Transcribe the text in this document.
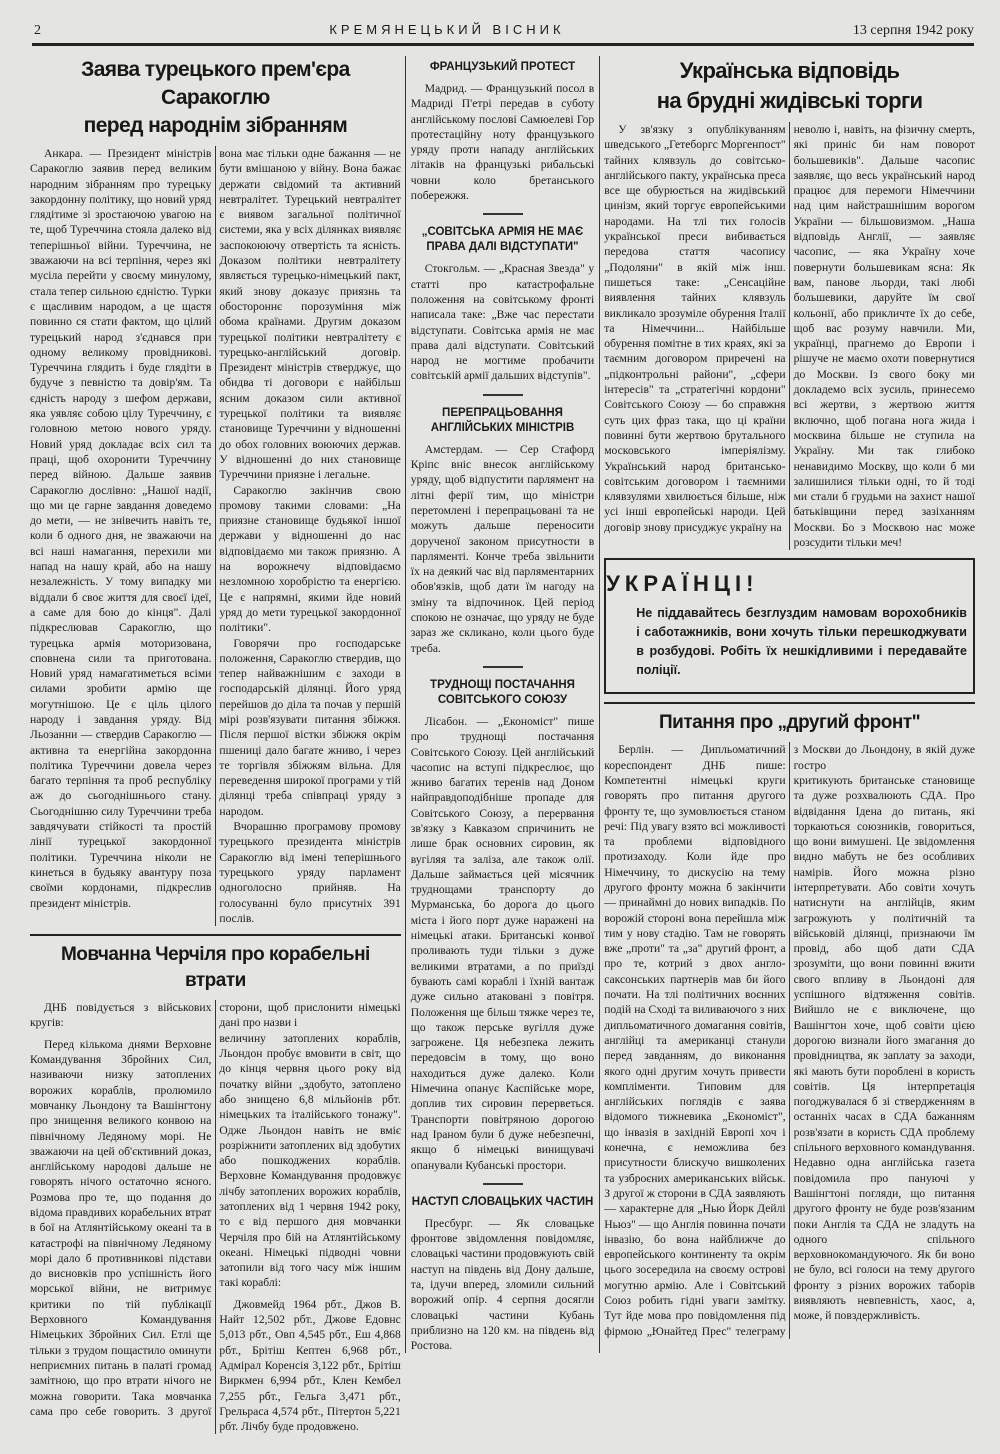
2	КРЕМЯНЕЦЬКИЙ ВІСНИК	13 серпня 1942 року
Заява турецького прем'єра Саракоглю
перед народнім зібранням

Анкара. — Президент міністрів Саракоглю заявив перед великим народним зібранням про турецьку закордонну політику, що новий уряд глядітиме зі зростаючою увагою на те, щоб Туреччина стояла далеко від теперішньої війни. Туреччина, не зважаючи на всі терпіння, через які мусіла перейти у своєму минулому, стала тепер сильною єдністю. Турки є щасливим народом, а це щастя повинно ся стати фактом, що цілий турецький народ з'єднався при одному великому провідникові. Туреччина глядить і буде глядіти в будуче з певністю та довір'ям. Та єдність народу з шефом держави, яка уявляє собою цілу Туреччину, є головною метою нового уряду. Новий уряд докладає всіх сил та праці, щоб охоронити Туреччину перед війною. Дальше заявив Саракоглю дослівно: „Нашої надії, що ми це гарне завдання доведемо до мети, — не знівечить навіть те, коли б одного дня, не зважаючи на всі наші намагання, перехили ми напад на нашу край, або на нашу незалежність. У тому випадку ми віддали б своє життя для своєї ідеї, а саме для бою до кінця". Далі підкреслював Саракоглю, що турецька армія моторизована, сповнена сили та приготована. Новий уряд намагатиметься всіми силами зробити армію ще могутнішою. Це є ціль цілого народу і завдання уряду. Від Льозанни — ствердив Саракоглю — активна та енергійна закордонна політика Туреччини довела через багато терпіння та проб республіку аж до сьогоднішнього стану. Сьогоднішню силу Туреччини треба завдячувати стійкості та простій лінії турецької закордонної політики. Туреччина ніколи не кинеться в будьяку авантуру поза своїми кордонами, підкреслив президент міністрів.

вона має тільки одне бажання — не бути вмішаною у війну. Вона бажає держати свідомий та активний невтралітет. Турецький невтралітет є виявом загальної політичної системи, яка у всіх ділянках виявляє заспокоюючу отвертість та ясність. Доказом політики невтралітету являється турецько-німецький пакт, який знову доказує приязнь та обостороннє порозуміння між обома країнами. Другим доказом турецької політики невтралітету є турецько-англійський договір. Президент міністрів стверджує, що обидва ті договори є найбільш ясним доказом сили активної турецької політики та виявляє становище Туреччини у відношенні до обох головних воюючих держав. У відношенні до них становище Туреччини приязне і легальне.

Саракоглю закінчив свою промову такими словами: „На приязне становище будьякої іншої держави у відношенні до нас відповідаємо ми також приязню. А на ворожнечу відповідаємо незломною хоробрістю та енергією. Це є напрямні, якими йде новий уряд до мети турецької закордонної політики".

Говорячи про господарське положення, Саракоглю ствердив, що тепер найважнішим є заходи в господарській ділянці. Його уряд перейшов до діла та почав у першій мірі розв'язувати питання збіжжя. Після першої вістки збіжжя окрім пшениці дало багате жниво, і через те торгівля збіжжям вільна. Для переведення широкої програми у тій ділянці треба співпраці уряду з народом.

Вчорашню програмову промову турецького президента міністрів Саракоглю від імені теперішнього турецького уряду парламент одноголосно прийняв. На голосуванні було присутніх 391 послів.

Мовчанна Черчіля про корабельні втрати

ДНБ повідується з військових кругів:

Перед кількома днями Верховне Командування Збройних Сил, називаючи низку затоплених ворожих кораблів, пролюмило мовчанку Льондону та Вашінгтону про знищення великого конвою на північному Ледяному морі. Не зважаючи на цей об'єктивний доказ, англійському народові дальше не говорять нічого остаточно ясного. Розмова про те, що подання до відома правдивих корабельних втрат в бої на Атлянтійському океані та в катастрофі на північному Ледяному морі дало б противникові підстави до висновків про успішність його морської війни, не витримує критики по тій публікації Верховного Командування Німецьких Збройних Сил. Етлі ще тільки з трудом пощастило оминути неприємних питань в палаті громад замітною, що про втрати нічого не можна говорити. Така мовчанка сама про себе говорить. З другої сторони, щоб прислонити німецькі дані про назви і

величину затоплених кораблів, Льондон пробує вмовити в світ, що до кінця червня цього року від початку війни „здобуто, затоплено або знищено 6,8 мільйонів рбт. німецьких та італійського тонажу". Одже Льондон навіть не вміє розріжнити затоплених від здобутих або пошкоджених кораблів. Верховне Командування продовжує лічбу затоплених ворожих кораблів, затоплених від 1 червня 1942 року, то є від першого дня мовчанки Черчіля про бій на Атлянтійському океані. Німецькі підводні човни затопили від того часу між іншим такі кораблі:

Джовмейд 1964 рбт., Джов В. Найт 12,502 рбт., Джове Едовнс 5,013 рбт., Овп 4,545 рбт., Еш 4,868 рбт., Брітіш Кептен 6,968 рбт., Адмірал Коренсія 3,122 рбт., Брітіш Виркмен 6,994 рбт., Клен Кембел 7,255 рбт., Гельга 3,471 рбт., Грельраса 4,574 рбт., Пітертон 5,221 рбт. Лічбу буде продовжено.

ФРАНЦУЗЬКИЙ ПРОТЕСТ

Мадрид. — Французький посол в Мадриді П'етрі передав в суботу англійському послові Самюелеві Гор протестаційну ноту французького уряду проти нападу англійських літаків на французькі рибальські човни коло бретанського побережжя.

„СОВІТСЬКА АРМІЯ НЕ МАЄ ПРАВА ДАЛІ ВІДСТУПАТИ"

Стокгольм. — „Красная Звезда" у статті про катастрофальне положення на совітському фронті написала таке: „Вже час перестати відступати. Совітська армія не має права далі відступати. Совітський народ не могтиме пробачити совітській армії дальших відступів".

ПЕРЕПРАЦЬОВАННЯ АНГЛІЙСЬКИХ МІНІСТРІВ

Амстердам. — Сер Стафорд Кріпс вніс внесок англійському уряду, щоб відпустити парлямент на літні ферії тим, що міністри перетомлені і перепрацьовані та не можуть дальше переносити дорученої законом присутности в парляменті. Конче треба звільнити їх на деякий час від парляментарних обов'язків, щоб дати їм нагоду на зміну та відпочинок. Цей період спокою не означає, що уряду не буде зараз же скликано, коли цього буде треба.

ТРУДНОЩІ ПОСТАЧАННЯ СОВІТСЬКОГО СОЮЗУ

Лісабон. — „Економіст" пише про труднощі постачання Совітського Союзу. Цей англійський часопис на вступі підкреслює, що жниво багатих теренів над Доном найправдоподібніше пропаде для Совітського Союзу, а перервання зв'язку з Кавказом спричинить не лише брак основних сировин, як вугіляя та заліза, але також олії. Дальше займається цей місячник труднощами транспорту до Мурманська, бо дорога до цього міста і його порт дуже наражені на німецькі атаки. Британські конвої проливають туди тільки з дуже великими втратами, а по приїзді бувають самі кораблі і їхній вантаж дуже сильно атаковані з повітря. Положення ще більш тяжке через те, що також перське вугілля дуже загрожене. Ця небезпека лежить передовсім в тому, що воно находиться дуже далеко. Коли Німечина опанує Каспійське море, доплив тих сировин перерветься. Транспорти повітряною дорогою над Іраном були б дуже небезпечні, якщо б німецькі винищувачі опанували Кубанські простори.

НАСТУП СЛОВАЦЬКИХ ЧАСТИН

Пресбург. — Як словацьке фронтове звідомлення повідомляє, словацькі частини продовжують свій наступ на південь від Дону дальше, та, ідучи вперед, зломили сильний ворожий опір. 4 серпня досягли словацькі частини Кубань приблизно на 120 км. на південь від Ростова.

Українська відповідь
на брудні жидівські торги

У зв'язку з опублікуванням шведського „Гетеборгс Моргенпост" тайних клявзуль до совітсько-англійського пакту, українська преса все ще обурюється на жидівський цинізм, який торгує европейськими народами. На тлі тих голосів української преси вибивається передова стаття часопису „Подоляни" в якій між інш. пишеться таке: „Сенсаційне виявлення тайних клявзуль викликало зрозуміле обурення Італії та Німеччини... Найбільше обурення помітне в тих краях, які за таємним договором приречені на „підконтрольні райони", „сфери інтересів" та „стратегічні кордони" Совітського Союзу — бо справжня суть цих фраз така, що ці країни повинні бути жертвою брутального московського імперіялізму. Український народ британсько-совітським договором і таємними клявзулями хвилюється більше, ніж усі інші европейські народи. Цей договір знову присуджує україну на

неволю і, навіть, на фізичну смерть, які приніс би нам поворот большевиків". Дальше часопис заявляє, що весь український народ працює для перемоги Німеччини над цим найстрашнішим ворогом України — більшовизмом. „Наша відповідь Англії, — заявляє часопис, — яка Україну хоче повернути большевикам ясна: Як вам, панове льорди, такі любі большевики, даруйте їм свої кольонії, або прикличте їх до себе, щоб вас розуму навчили. Ми, українці, прагнемо до Европи і рішуче не маємо охоти повернутися до Москви. Із свого боку ми докладемо всіх зусиль, принесемо всі жертви, з жертвою життя включно, щоб погана нога жида і москвина більше не ступила на Україну. Ми так глибоко ненавидимо Москву, що коли б ми залишилися тільки одні, то й тоді ми стали б грудьми на захист нашої батьківщини перед зазіханням Москви. Бо з Москвою нас може розсудити тільки меч!

УКРАЇНЦІ!
Не піддавайтесь безглуздим намовам ворохобників і саботажників, вони хочуть тільки перешкоджувати в розбудові. Робіть їх нешкідливими і передавайте поліції.
Питання про „другий фронт"

Берлін. — Дипльоматичний кореспондент ДНБ пише: Компетентні німецькі круги говорять про питання другого фронту те, що зумовлюється станом речі: Під увагу взято всі можливості та проблеми відповідного протизаходу. Коли йде про Німеччину, то дискусію на тему другого фронту можна б закінчити — принаймні до нових випадків. По ворожій стороні вона перейшла між тим у нову стадію. Там не говорять вже „проти" та „за" другий фронт, а про те, котрий з двох англо-саксонських партнерів мав би його почати. На тлі політичних воєнних подій на Сході та виливаючого з них дипльоматичного домагання совітів, англійці та американці станули перед завданням, до виконання якого одні другим хочуть привести компліменти. Типовим для англійських поглядів є заява відомого тижневика „Економіст", що інвазія в західній Европі хоч і конечна, є неможлива без присутности блискучо вишколених та узброєних американських військ. З другої ж сторони в СДА заявляють — характерне для „Нью Йорк Дейлі Ньюз" — що Англія повинна почати інвазію, бо вона найближче до европейського континенту та окрім цього зосередила на своєму острові могутню армію. Але і Совітський Союз робить гідні уваги замітку. Тут йде мова про повідомлення під фірмою „Юнайтед Прес" телеграму з Москви до Льондону, в якій дуже гостро

критикують британське становище та дуже розхвалюють СДА. Про відвідання Ідена до питань, які торкаються союзників, говориться, що вони вимушені. Це звідомлення видно мабуть не без особливих намірів. Його можна різно інтерпретувати. Або совіти хочуть натиснути на англійців, яким загрожують у політичній та військовій ділянці, признаючи їм провід, або щоб дати СДА зрозуміти, що вони повинні вжити свого впливу в Льондоні для успішного відтяження совітів. Вийшло не є виключене, що Вашінгтон хоче, щоб совіти цією дорогою визнали його змагання до провідництва, як заплату за заходи, які мають бути пороблені в користь совітів. Ця інтерпретація погоджувалася б зі ствердженням в останніх часах в СДА бажанням розв'язати в користь СДА проблему спільного верховного командування. Недавно одна англійська газета повідомила про пануючі у Вашінгтоні погляди, що питання другого фронту не буде розв'язаним поки Англія та СДА не зладуть на одного спільного верховнокомандуючого. Як би воно не було, всі голоси на тему другого фронту з різних ворожих таборів виявляють невпевність, хаос, а, може, й повздержливість.
